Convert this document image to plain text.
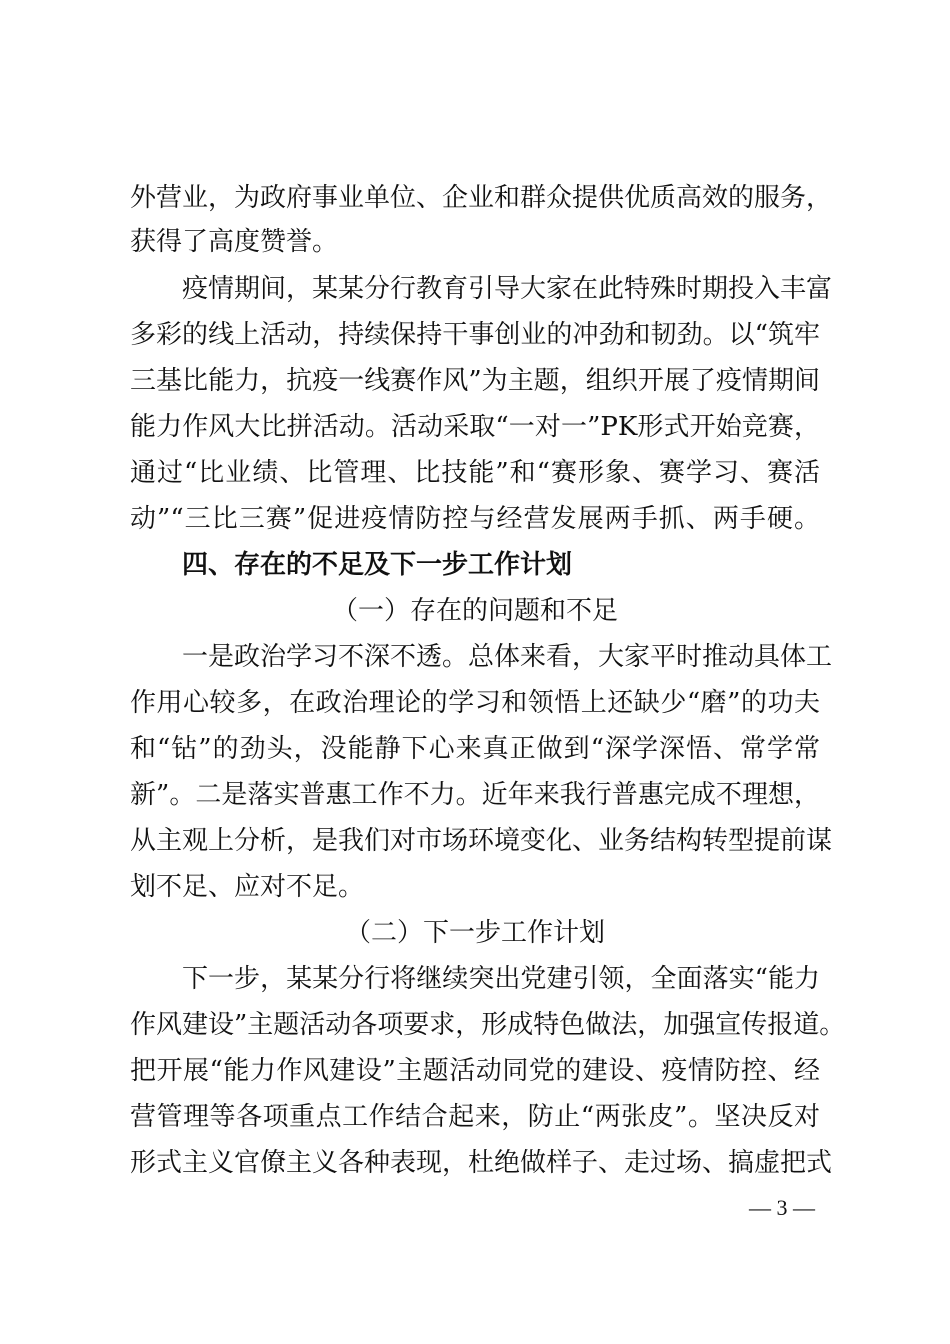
外营业，为政府事业单位、企业和群众提供优质高效的服务，
获得了高度赞誉。
疫情期间，某某分行教育引导大家在此特殊时期投入丰富
多彩的线上活动，持续保持干事创业的冲劲和韧劲。以“筑牢
三基比能力，抗疫一线赛作风”为主题，组织开展了疫情期间
能力作风大比拼活动。活动采取“一对一”PK形式开始竞赛，
通过“比业绩、比管理、比技能”和“赛形象、赛学习、赛活
动”“三比三赛”促进疫情防控与经营发展两手抓、两手硬。
四、存在的不足及下一步工作计划
（一）存在的问题和不足
一是政治学习不深不透。总体来看，大家平时推动具体工
作用心较多，在政治理论的学习和领悟上还缺少“磨”的功夫
和“钻”的劲头，没能静下心来真正做到“深学深悟、常学常
新”。二是落实普惠工作不力。近年来我行普惠完成不理想，
从主观上分析，是我们对市场环境变化、业务结构转型提前谋
划不足、应对不足。
（二）下一步工作计划
下一步，某某分行将继续突出党建引领，全面落实“能力
作风建设”主题活动各项要求，形成特色做法，加强宣传报道。
把开展“能力作风建设”主题活动同党的建设、疫情防控、经
营管理等各项重点工作结合起来，防止“两张皮”。坚决反对
形式主义官僚主义各种表现，杜绝做样子、走过场、搞虚把式
— 3 —
